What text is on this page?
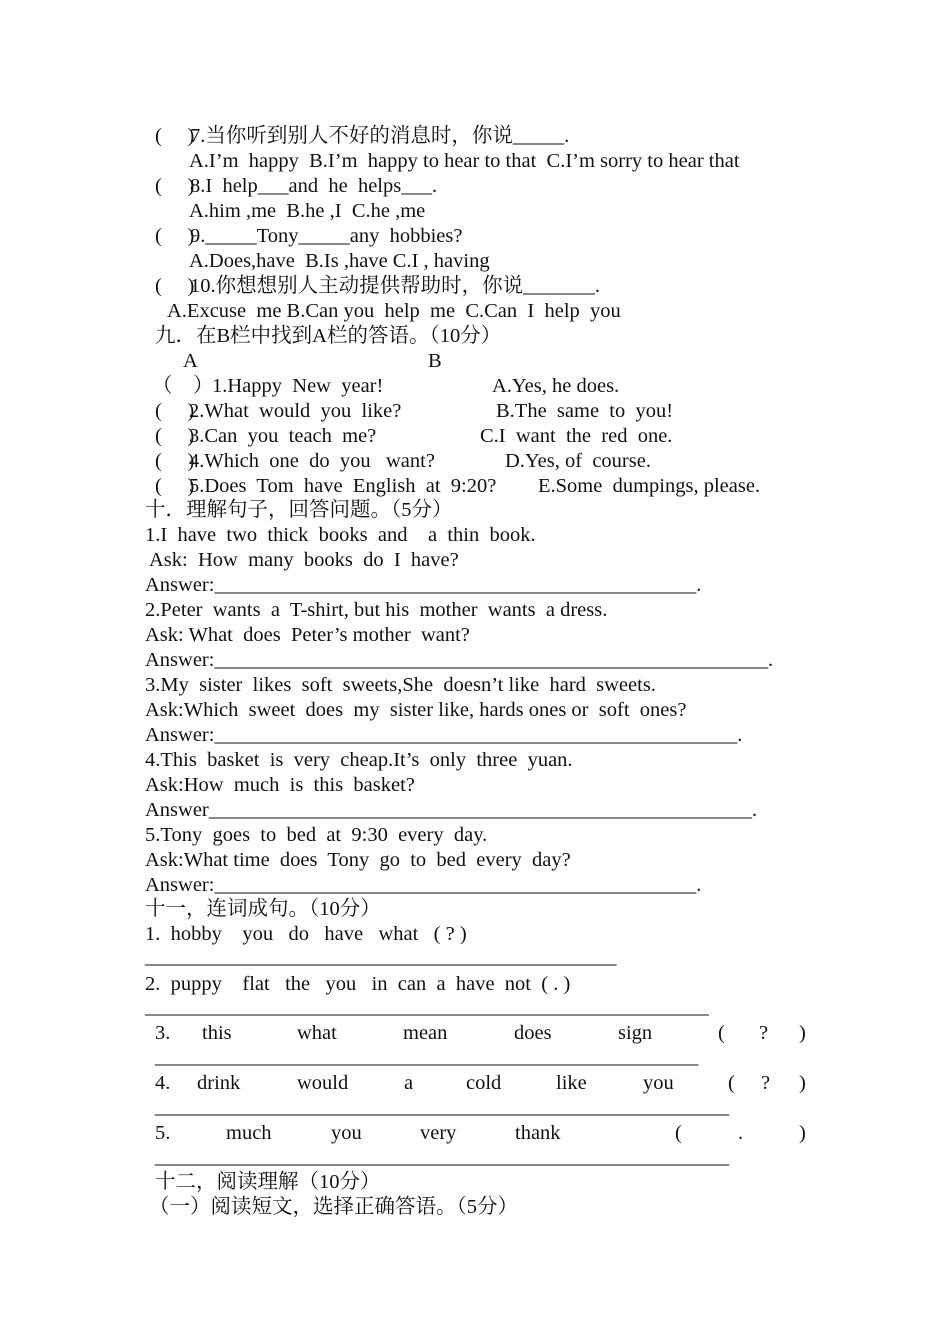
(     )
7.当你听到别人不好的消息时，你说_____.
A.I’m  happy  B.I’m  happy to hear to that  C.I’m sorry to hear that
(     )
8.I  help___and  he  helps___.
A.him ,me  B.he ,I  C.he ,me
(     )
9._____Tony_____any  hobbies?
A.Does,have  B.Is ,have C.I , having
(     )
10.你想想别人主动提供帮助时，你说_______.
A.Excuse  me B.Can you  help  me  C.Can  I  help  you
九．在B栏中找到A栏的答语。（10分）
A	B
（    ）
1.Happy  New  year!	A.Yes, he does.
(     )
2.What  would  you  like?	B.The  same  to  you!
(     )
3.Can  you  teach  me?	C.I  want  the  red  one.
(     )
4.Which  one  do  you   want?	D.Yes, of  course.
(     )
5.Does  Tom  have  English  at  9:20? E.Some  dumpings, please.
十．理解句子，回答问题。（5分）
1.I  have  two  thick  books  and    a  thin  book.
Ask:  How  many  books  do  I  have?
Answer:_______________________________________________.
2.Peter  wants  a  T-shirt, but his  mother  wants  a dress.
Ask: What  does  Peter’s mother  want?
Answer:______________________________________________________.
3.My  sister  likes  soft  sweets,She  doesn’t like  hard  sweets.
Ask:Which  sweet  does  my  sister like, hards ones or  soft  ones?
Answer:___________________________________________________.
4.This  basket  is  very  cheap.It’s  only  three  yuan.
Ask:How  much  is  this  basket?
Answer_____________________________________________________.
5.Tony  goes  to  bed  at  9:30  every  day.
Ask:What time  does  Tony  go  to  bed  every  day?
Answer:_______________________________________________.
十一，连词成句。（10分）
1.  hobby    you   do   have   what   ( ? )
______________________________________________
2.  puppy    flat   the   you   in  can  a  have  not  ( . )
_______________________________________________________
3. this	what	mean	does	sign	( ? )
_____________________________________________________
4. drink	would	a	cold	like	you	( ? )
________________________________________________________
5.	much	you	very	thank	(	.	)
________________________________________________________
十二，阅读理解（10分）
（一）阅读短文，选择正确答语。（5分）
